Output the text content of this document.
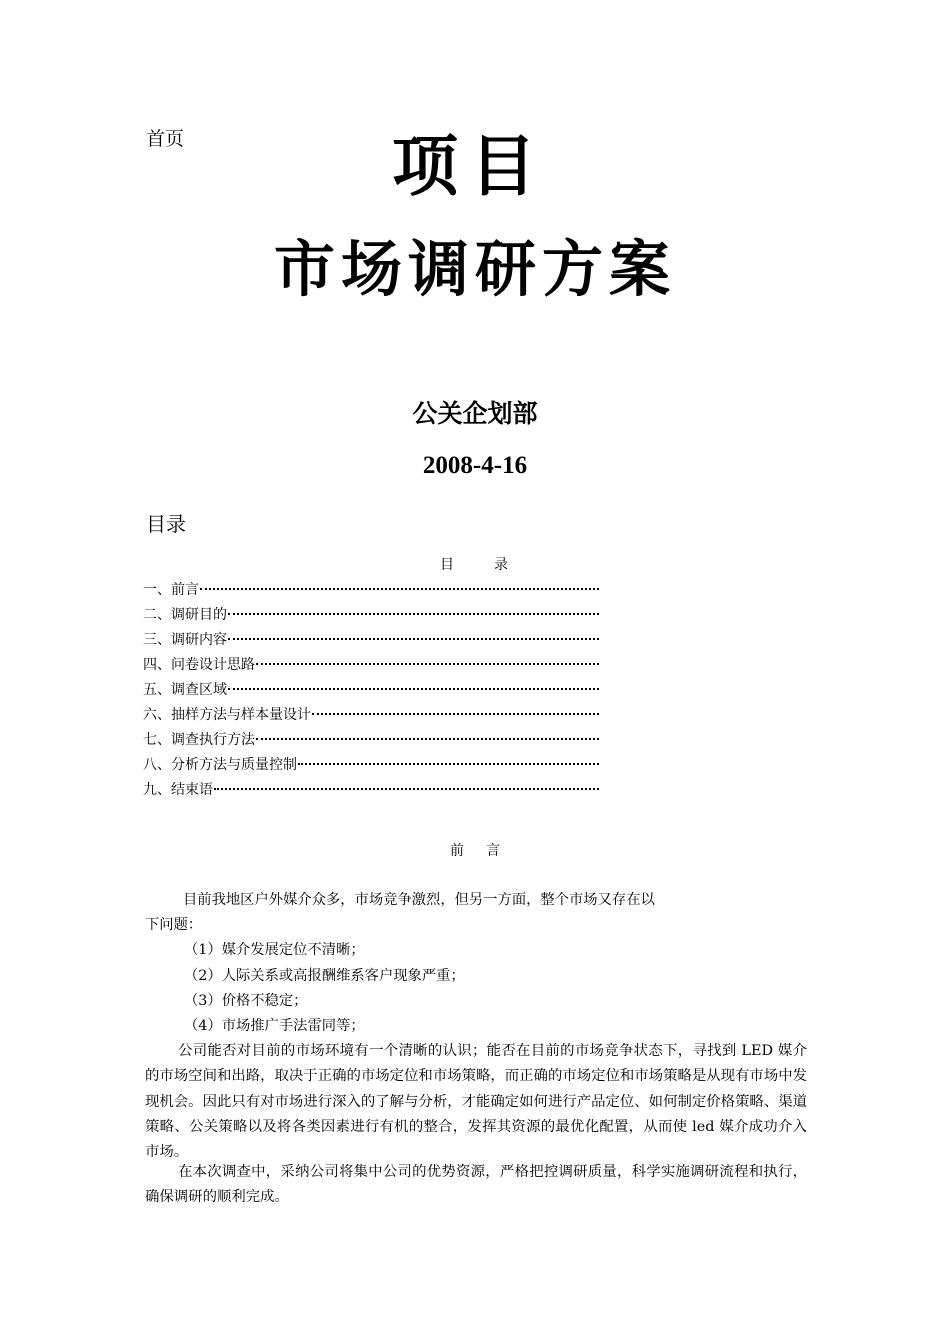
首页	项目
市场调研方案
公关企划部
2008-4-16
目录
目	录
一、前言
二、调研目的
三、调研内容
四、问卷设计思路
五、调查区域
六、抽样方法与样本量设计
七、调查执行方法
八、分析方法与质量控制
九、结束语
前 言
目前我地区户外媒介众多，市场竞争激烈，但另一方面，整个市场又存在以
下问题：
（1）媒介发展定位不清晰；
（2）人际关系或高报酬维系客户现象严重；
（3）价格不稳定；
（4）市场推广手法雷同等；
公司能否对目前的市场环境有一个清晰的认识；能否在目前的市场竞争状态下，寻找到 LED 媒介的市场空间和出路，取决于正确的市场定位和市场策略，而正确的市场定位和市场策略是从现有市场中发现机会。因此只有对市场进行深入的了解与分析，才能确定如何进行产品定位、如何制定价格策略、渠道策略、公关策略以及将各类因素进行有机的整合，发挥其资源的最优化配置，从而使 led 媒介成功介入市场。
在本次调查中，采纳公司将集中公司的优势资源，严格把控调研质量，科学实施调研流程和执行，确保调研的顺利完成。
